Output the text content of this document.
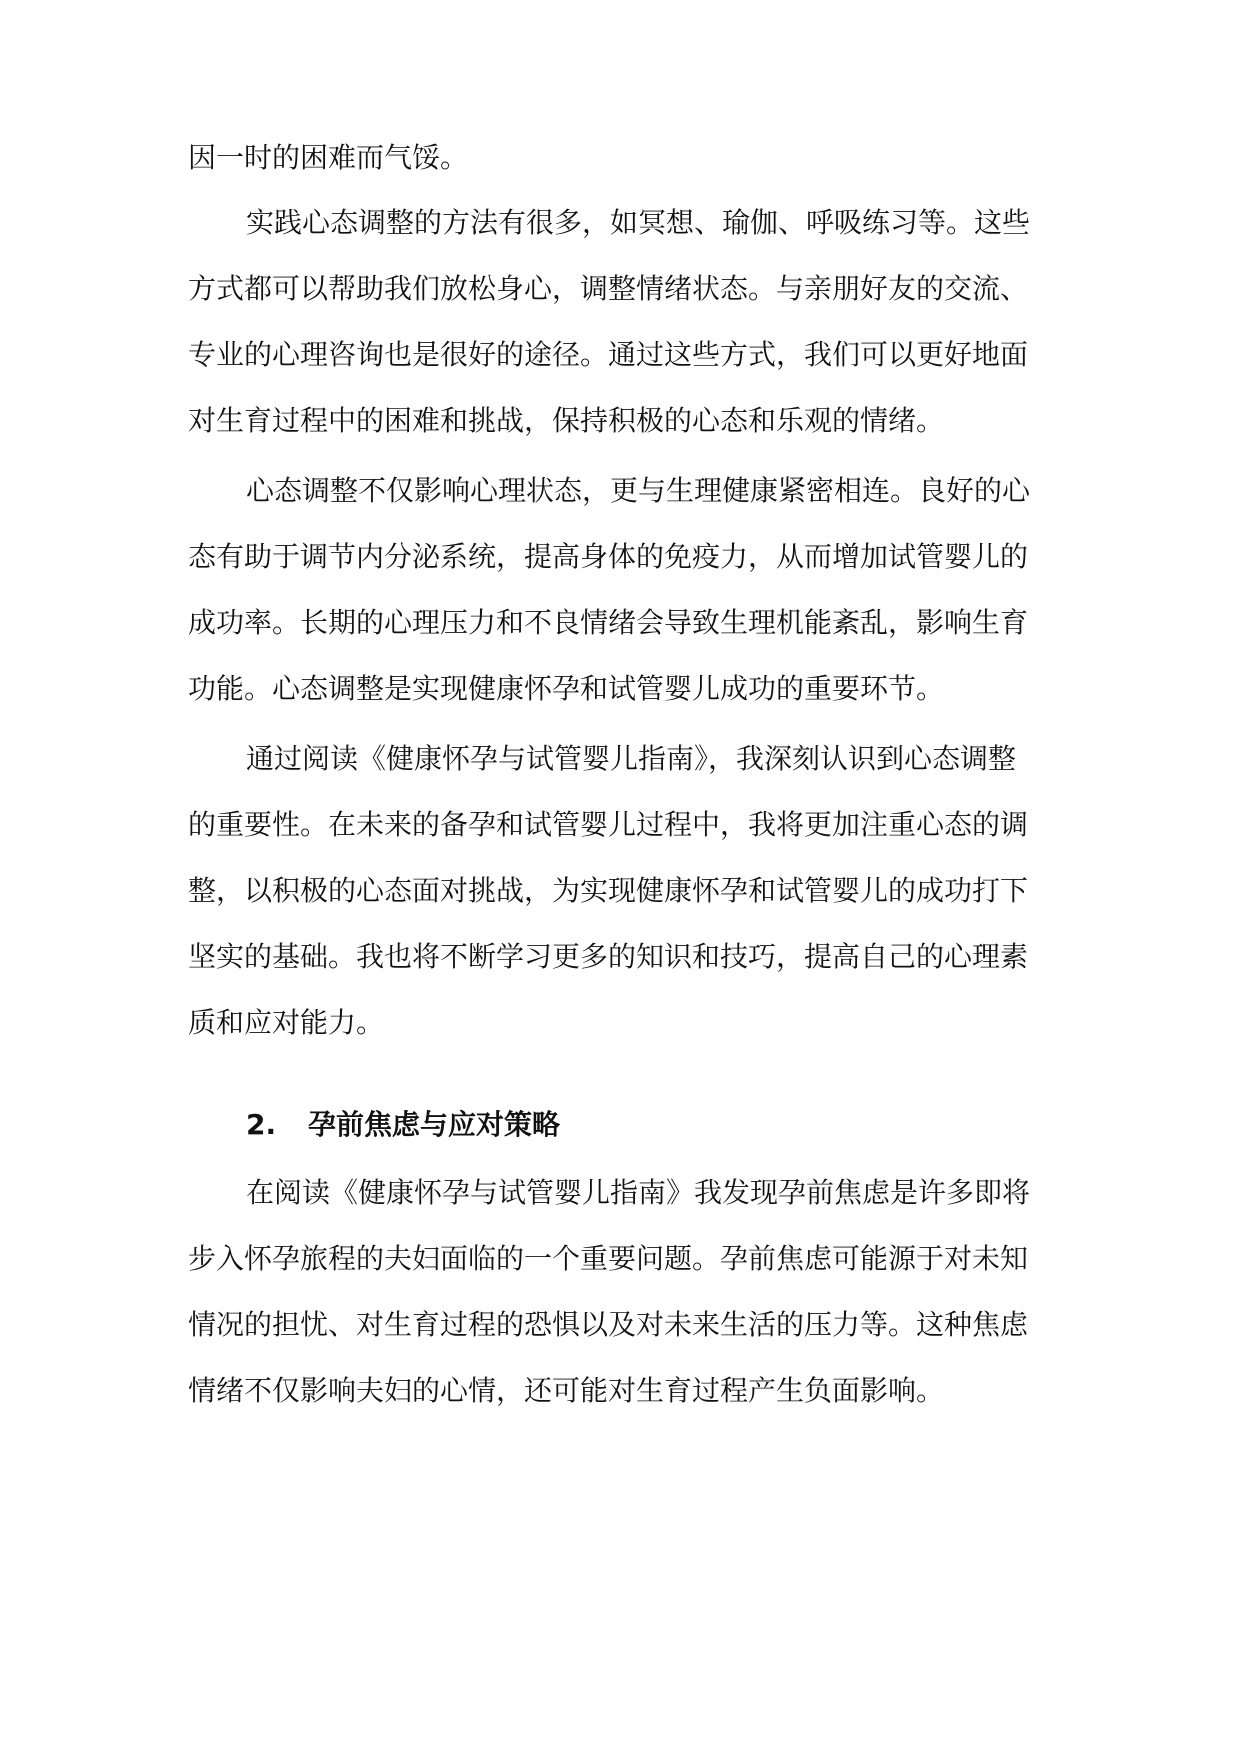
因一时的困难而气馁。
实践心态调整的方法有很多，如冥想、瑜伽、呼吸练习等。这些
方式都可以帮助我们放松身心，调整情绪状态。与亲朋好友的交流、
专业的心理咨询也是很好的途径。通过这些方式，我们可以更好地面
对生育过程中的困难和挑战，保持积极的心态和乐观的情绪。
心态调整不仅影响心理状态，更与生理健康紧密相连。良好的心
态有助于调节内分泌系统，提高身体的免疫力，从而增加试管婴儿的
成功率。长期的心理压力和不良情绪会导致生理机能紊乱，影响生育
功能。心态调整是实现健康怀孕和试管婴儿成功的重要环节。
通过阅读《健康怀孕与试管婴儿指南》，我深刻认识到心态调整
的重要性。在未来的备孕和试管婴儿过程中，我将更加注重心态的调
整，以积极的心态面对挑战，为实现健康怀孕和试管婴儿的成功打下
坚实的基础。我也将不断学习更多的知识和技巧，提高自己的心理素
质和应对能力。
2. 孕前焦虑与应对策略
在阅读《健康怀孕与试管婴儿指南》我发现孕前焦虑是许多即将
步入怀孕旅程的夫妇面临的一个重要问题。孕前焦虑可能源于对未知
情况的担忧、对生育过程的恐惧以及对未来生活的压力等。这种焦虑
情绪不仅影响夫妇的心情，还可能对生育过程产生负面影响。
